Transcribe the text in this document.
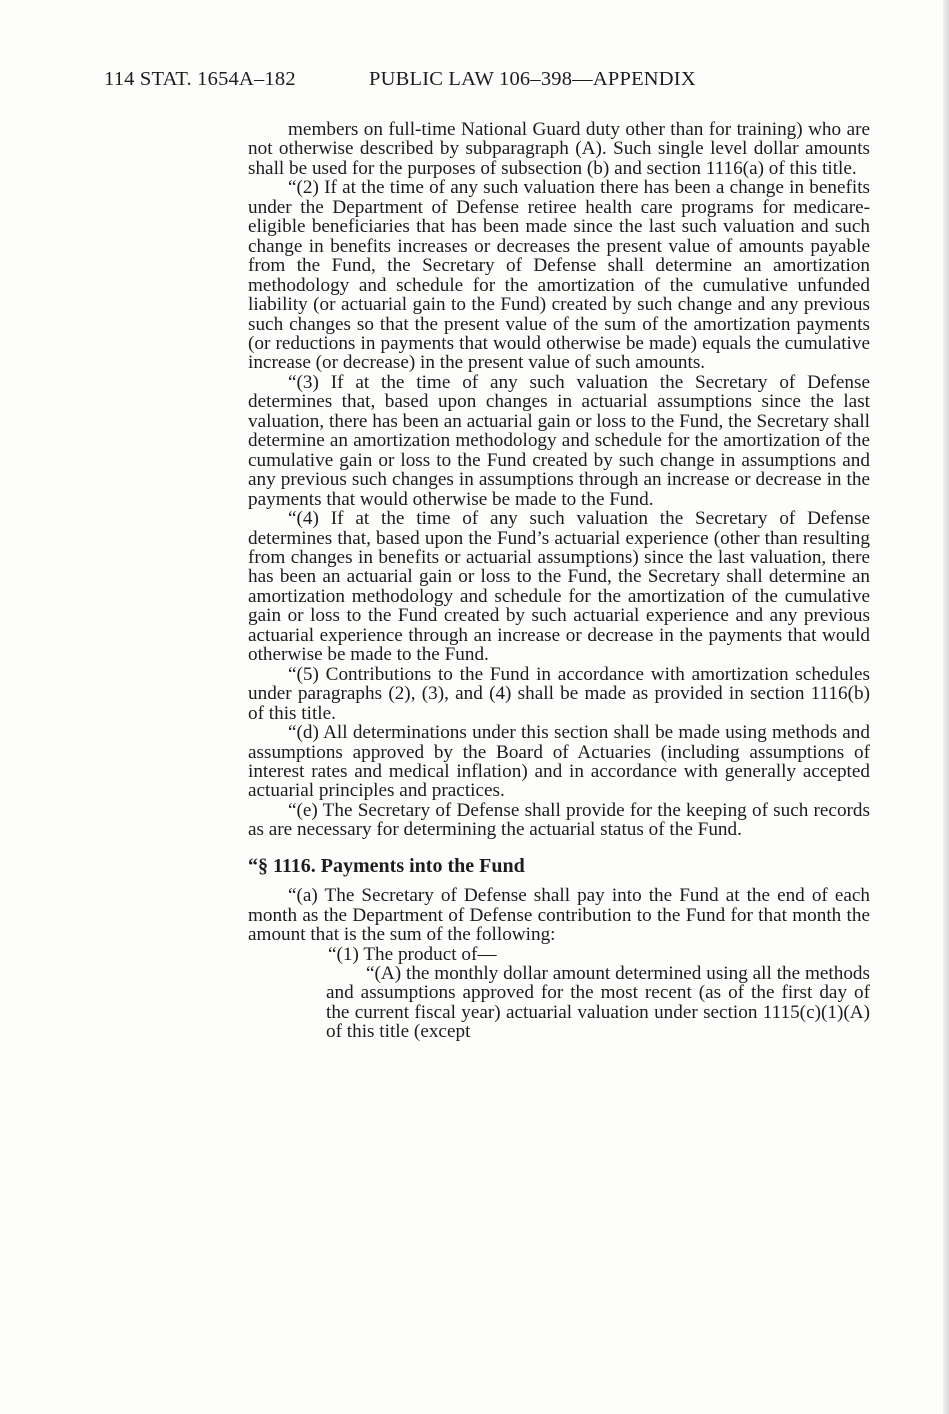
114 STAT. 1654A–182	PUBLIC LAW 106–398—APPENDIX

members on full-time National Guard duty other than for training) who are not otherwise described by subparagraph (A). Such single level dollar amounts shall be used for the purposes of subsection (b) and section 1116(a) of this title.

“(2) If at the time of any such valuation there has been a change in benefits under the Department of Defense retiree health care programs for medicare-eligible beneficiaries that has been made since the last such valuation and such change in benefits increases or decreases the present value of amounts payable from the Fund, the Secretary of Defense shall determine an amortization methodology and schedule for the amortization of the cumulative unfunded liability (or actuarial gain to the Fund) created by such change and any previous such changes so that the present value of the sum of the amortization payments (or reductions in payments that would otherwise be made) equals the cumulative increase (or decrease) in the present value of such amounts.

“(3) If at the time of any such valuation the Secretary of Defense determines that, based upon changes in actuarial assumptions since the last valuation, there has been an actuarial gain or loss to the Fund, the Secretary shall determine an amortization methodology and schedule for the amortization of the cumulative gain or loss to the Fund created by such change in assumptions and any previous such changes in assumptions through an increase or decrease in the payments that would otherwise be made to the Fund.

“(4) If at the time of any such valuation the Secretary of Defense determines that, based upon the Fund’s actuarial experience (other than resulting from changes in benefits or actuarial assumptions) since the last valuation, there has been an actuarial gain or loss to the Fund, the Secretary shall determine an amortization methodology and schedule for the amortization of the cumulative gain or loss to the Fund created by such actuarial experience and any previous actuarial experience through an increase or decrease in the payments that would otherwise be made to the Fund.

“(5) Contributions to the Fund in accordance with amortization schedules under paragraphs (2), (3), and (4) shall be made as provided in section 1116(b) of this title.

“(d) All determinations under this section shall be made using methods and assumptions approved by the Board of Actuaries (including assumptions of interest rates and medical inflation) and in accordance with generally accepted actuarial principles and practices.

“(e) The Secretary of Defense shall provide for the keeping of such records as are necessary for determining the actuarial status of the Fund.

“§ 1116. Payments into the Fund

“(a) The Secretary of Defense shall pay into the Fund at the end of each month as the Department of Defense contribution to the Fund for that month the amount that is the sum of the following:

“(1) The product of—

“(A) the monthly dollar amount determined using all the methods and assumptions approved for the most recent (as of the first day of the current fiscal year) actuarial valuation under section 1115(c)(1)(A) of this title (except
